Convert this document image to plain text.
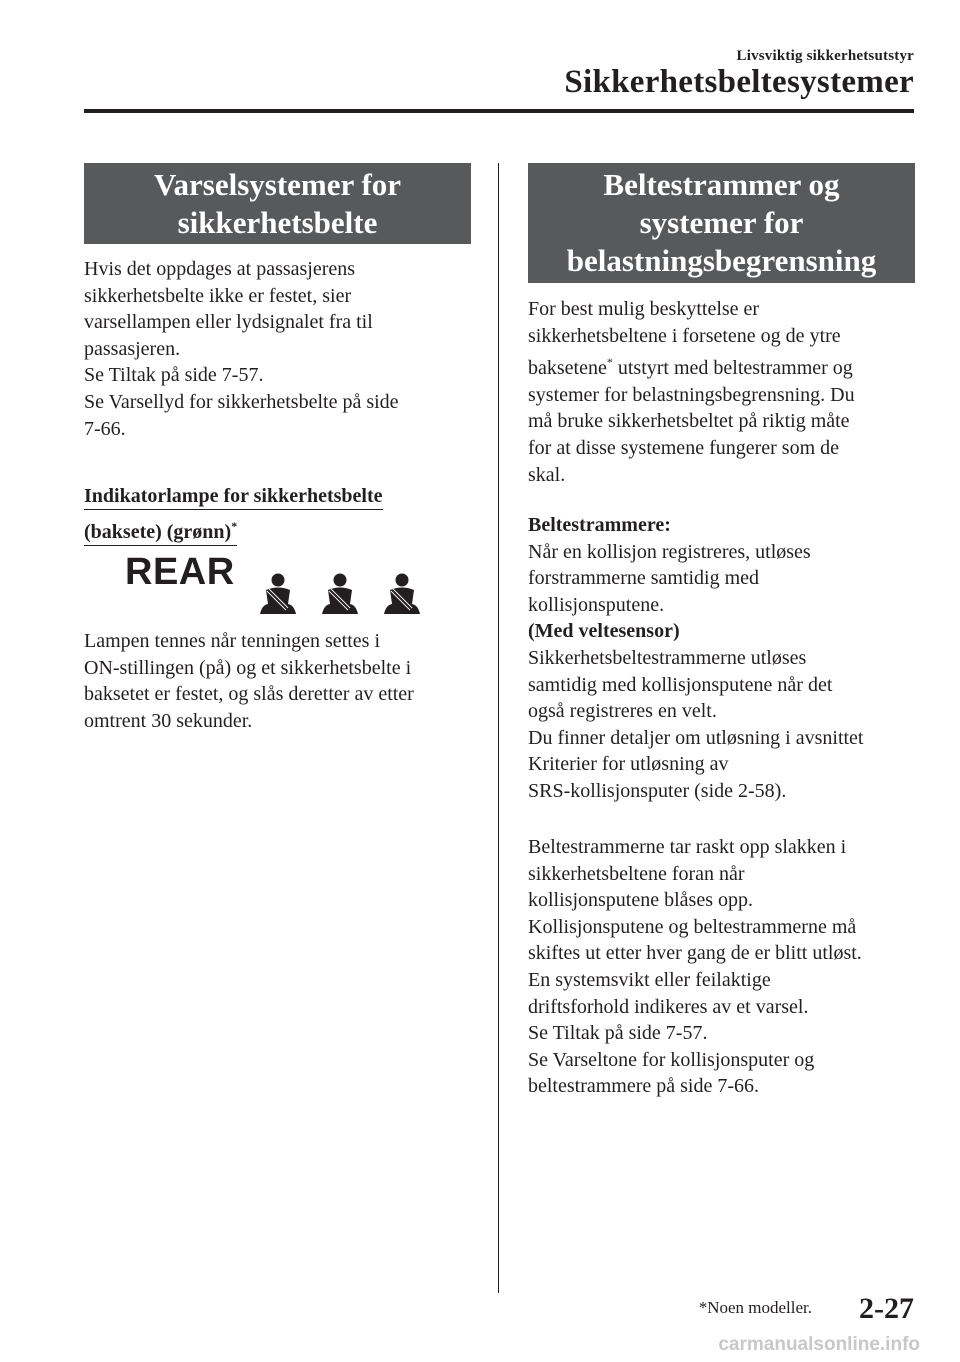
Livsviktig sikkerhetsutstyr
Sikkerhetsbeltesystemer
Varselsystemer for
sikkerhetsbelte
Hvis det oppdages at passasjerens
sikkerhetsbelte ikke er festet, sier
varsellampen eller lydsignalet fra til
passasjeren.
Se Tiltak på side 7-57.
Se Varsellyd for sikkerhetsbelte på side
7-66.
Indikatorlampe for sikkerhetsbelte
(baksete) (grønn)*
REAR
Lampen tennes når tenningen settes i
ON-stillingen (på) og et sikkerhetsbelte i
baksetet er festet, og slås deretter av etter
omtrent 30 sekunder.
Beltestrammer og
systemer for
belastningsbegrensning
For best mulig beskyttelse er
sikkerhetsbeltene i forsetene og de ytre
baksetene* utstyrt med beltestrammer og
systemer for belastningsbegrensning. Du
må bruke sikkerhetsbeltet på riktig måte
for at disse systemene fungerer som de
skal.
Beltestrammere:
Når en kollisjon registreres, utløses
forstrammerne samtidig med
kollisjonsputene.
(Med veltesensor)
Sikkerhetsbeltestrammerne utløses
samtidig med kollisjonsputene når det
også registreres en velt.
Du finner detaljer om utløsning i avsnittet
Kriterier for utløsning av
SRS-kollisjonsputer (side 2-58).
Beltestrammerne tar raskt opp slakken i
sikkerhetsbeltene foran når
kollisjonsputene blåses opp.
Kollisjonsputene og beltestrammerne må
skiftes ut etter hver gang de er blitt utløst.
En systemsvikt eller feilaktige
driftsforhold indikeres av et varsel.
Se Tiltak på side 7-57.
Se Varseltone for kollisjonsputer og
beltestrammere på side 7-66.
*Noen modeller. 2-27
carmanualsonline.info
